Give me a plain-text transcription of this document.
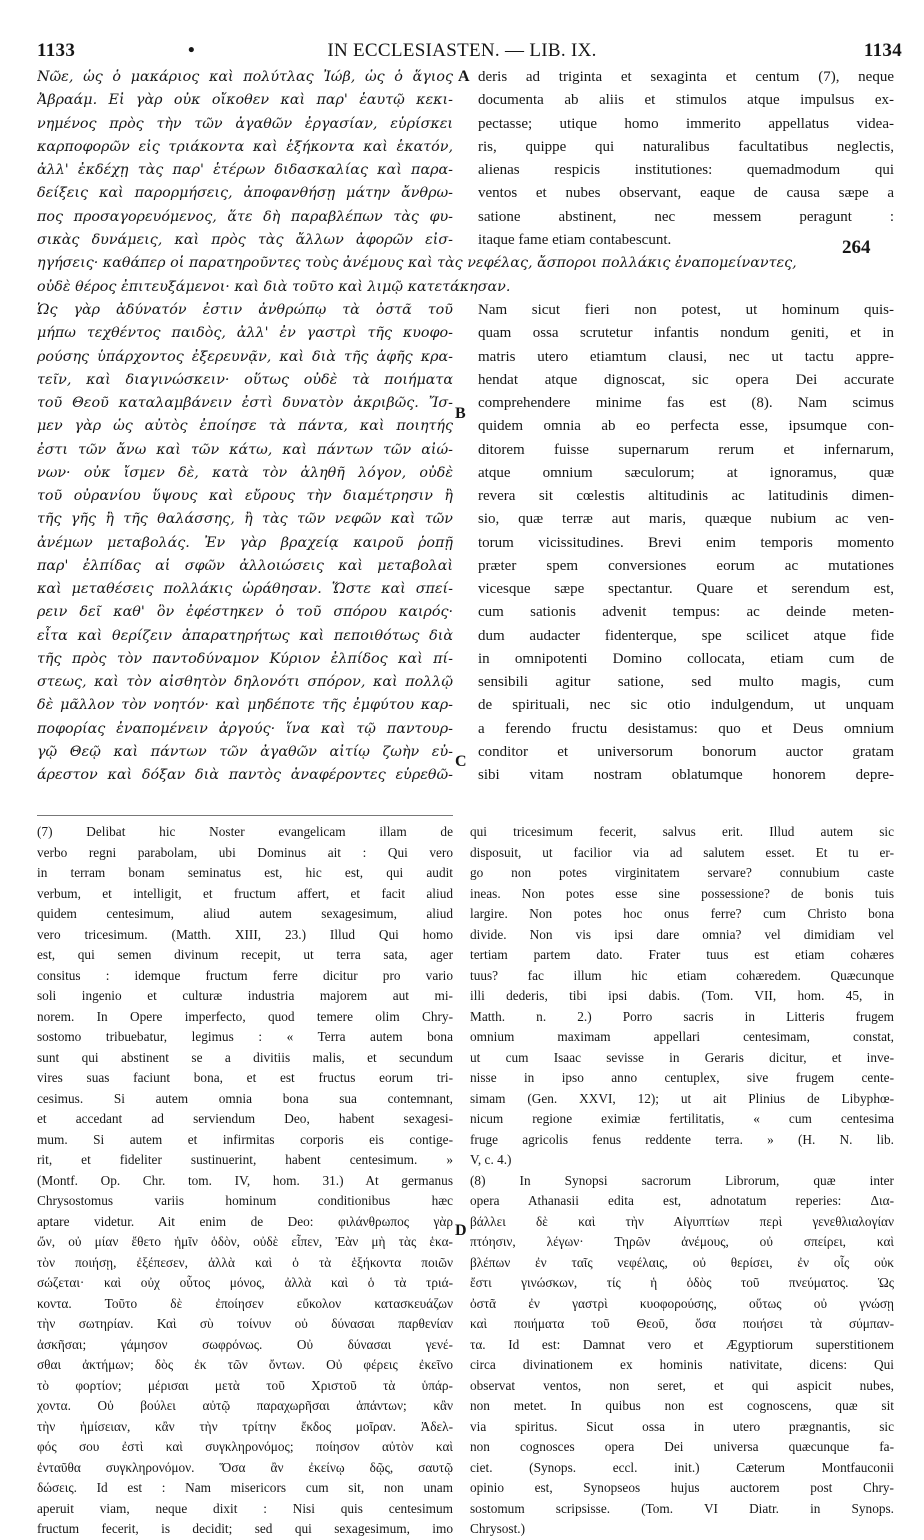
1133	•	IN ECCLESIASTEN. — LIB. IX.	1134
Νῶε, ὡς ὁ μακάριος καὶ πολύτλας Ἰώβ, ὡς ὁ ἅγιος
Ἀβραάμ. Εἰ γὰρ οὐκ οἴκοθεν καὶ παρ' ἑαυτῷ κεκι-
νημένος πρὸς τὴν τῶν ἀγαθῶν ἐργασίαν, εὑρίσκει
καρποφορῶν εἰς τριάκοντα καὶ ἑξήκοντα καὶ ἑκατόν,
ἀλλ' ἐκδέχῃ τὰς παρ' ἑτέρων διδασκαλίας καὶ παρα-
δείξεις καὶ παρορμήσεις, ἀποφανθήσῃ μάτην ἄνθρω-
πος προσαγορευόμενος, ἅτε δὴ παραβλέπων τὰς φυ-
σικὰς δυνάμεις, καὶ πρὸς τὰς ἄλλων ἀφορῶν εἰσ-
deris ad triginta et sexaginta et centum (7), neque
documenta ab aliis et stimulos atque impulsus ex-
pectasse; utique homo immerito appellatus videa-
ris, quippe qui naturalibus facultatibus neglectis,
alienas respicis institutiones: quemadmodum qui
ventos et nubes observant, eaque de causa sæpe a
satione abstinent, nec messem peragunt :
itaque fame etiam contabescunt.	264
ηγήσεις· καθάπερ οἱ παρατηροῦντες τοὺς ἀνέμους καὶ τὰς νεφέλας, ἄσποροι πολλάκις ἐναπομείναντες,
οὐδὲ θέρος ἐπιτευξάμενοι· καὶ διὰ τοῦτο καὶ λιμῷ κατετάκησαν.
Ὡς γὰρ ἀδύνατόν ἐστιν ἀνθρώπῳ τὰ ὀστᾶ τοῦ
μήπω τεχθέντος παιδὸς, ἀλλ' ἐν γαστρὶ τῆς κυοφο-
ρούσης ὑπάρχοντος ἐξερευνᾷν, καὶ διὰ τῆς ἁφῆς κρα-
τεῖν, καὶ διαγινώσκειν· οὕτως οὐδὲ τὰ ποιήματα
τοῦ Θεοῦ καταλαμβάνειν ἐστὶ δυνατὸν ἀκριβῶς. Ἴσ-
μεν γὰρ ὡς αὐτὸς ἐποίησε τὰ πάντα, καὶ ποιητής
ἐστι τῶν ἄνω καὶ τῶν κάτω, καὶ πάντων τῶν αἰώ-
νων· οὐκ ἴσμεν δὲ, κατὰ τὸν ἀληθῆ λόγον, οὐδὲ
τοῦ οὐρανίου ὕψους καὶ εὔρους τὴν διαμέτρησιν ἢ
τῆς γῆς ἢ τῆς θαλάσσης, ἢ τὰς τῶν νεφῶν καὶ τῶν
ἀνέμων μεταβολάς. Ἐν γὰρ βραχείᾳ καιροῦ ῥοπῇ
παρ' ἐλπίδας αἱ σφῶν ἀλλοιώσεις καὶ μεταβολαὶ
καὶ μεταθέσεις πολλάκις ὡράθησαν. Ὥστε καὶ σπεί-
ρειν δεῖ καθ' ὃν ἐφέστηκεν ὁ τοῦ σπόρου καιρός·
εἶτα καὶ θερίζειν ἀπαρατηρήτως καὶ πεποιθότως διὰ
τῆς πρὸς τὸν παντοδύναμον Κύριον ἐλπίδος καὶ πί-
στεως, καὶ τὸν αἰσθητὸν δηλονότι σπόρον, καὶ πολλῷ
δὲ μᾶλλον τὸν νοητόν· καὶ μηδέποτε τῆς ἐμφύτου καρ-
ποφορίας ἐναπομένειν ἀργούς· ἵνα καὶ τῷ παντουρ-
γῷ Θεῷ καὶ πάντων τῶν ἀγαθῶν αἰτίῳ ζωὴν εὐ-
άρεστον καὶ δόξαν διὰ παντὸς ἀναφέροντες εὑρεθῶ-
Nam sicut fieri non potest, ut hominum quis-
quam ossa scrutetur infantis nondum geniti, et in
matris utero etiamtum clausi, nec ut tactu appre-
hendat atque dignoscat, sic opera Dei accurate
comprehendere minime fas est (8). Nam scimus
quidem omnia ab eo perfecta esse, ipsumque con-
ditorem fuisse supernarum rerum et infernarum,
atque omnium sæculorum; at ignoramus, quæ
revera sit cœlestis altitudinis ac latitudinis dimen-
sio, quæ terræ aut maris, quæque nubium ac ven-
torum vicissitudines. Brevi enim temporis momento
præter spem conversiones eorum ac mutationes
vicesque sæpe spectantur. Quare et serendum est,
cum sationis advenit tempus: ac deinde meten-
dum audacter fidenterque, spe scilicet atque fide
in omnipotenti Domino collocata, etiam cum de
sensibili agitur satione, sed multo magis, cum
de spirituali, nec sic otio indulgendum, ut unquam
a ferendo fructu desistamus: quo et Deus omnium
conditor et universorum bonorum auctor gratam
sibi vitam nostram oblatumque honorem depre-
A
B
C
D
(7) Delibat hic Noster evangelicam illam de
verbo regni parabolam, ubi Dominus ait : Qui vero
in terram bonam seminatus est, hic est, qui audit
verbum, et intelligit, et fructum affert, et facit aliud
quidem centesimum, aliud autem sexagesimum, aliud
vero tricesimum. (Matth. XIII, 23.) Illud Qui homo
est, qui semen divinum recepit, ut terra sata, ager
consitus : idemque fructum ferre dicitur pro vario
soli ingenio et culturæ industria majorem aut mi-
norem. In Opere imperfecto, quod temere olim Chry-
sostomo tribuebatur, legimus : « Terra autem bona
sunt qui abstinent se a divitiis malis, et secundum
vires suas faciunt bona, et est fructus eorum tri-
cesimus. Si autem omnia bona sua contemnant,
et accedant ad serviendum Deo, habent sexagesi-
mum. Si autem et infirmitas corporis eis contige-
rit, et fideliter sustinuerint, habent centesimum. »
(Montf. Op. Chr. tom. IV, hom. 31.) At germanus
Chrysostomus variis hominum conditionibus hæc
aptare videtur. Ait enim de Deo: φιλάνθρωπος γὰρ
ὤν, οὐ μίαν ἔθετο ἡμῖν ὁδὸν, οὐδὲ εἶπεν, Ἐὰν μὴ τὰς ἑκα-
τὸν ποιήσῃ, ἐξέπεσεν, ἀλλὰ καὶ ὁ τὰ ἑξήκοντα ποιῶν
σώζεται· καὶ οὐχ οὗτος μόνος, ἀλλὰ καὶ ὁ τὰ τριά-
κοντα. Τοῦτο δὲ ἐποίησεν εὔκολον κατασκευάζων
τὴν σωτηρίαν. Καὶ σὺ τοίνυν οὐ δύνασαι παρθενίαν
ἀσκῆσαι; γάμησον σωφρόνως. Οὐ δύνασαι γενέ-
σθαι ἀκτήμων; δὸς ἐκ τῶν ὄντων. Οὐ φέρεις ἐκεῖνο
τὸ φορτίον; μέρισαι μετὰ τοῦ Χριστοῦ τὰ ὑπάρ-
χοντα. Οὐ βούλει αὐτῷ παραχωρῆσαι ἁπάντων; κἂν
τὴν ἡμίσειαν, κἂν τὴν τρίτην ἔκδος μοῖραν. Ἀδελ-
φός σου ἐστὶ καὶ συγκληρονόμος; ποίησον αὐτὸν καὶ
ἐνταῦθα συγκληρονόμον. Ὅσα ἂν ἐκείνῳ δῷς, σαυτῷ
δώσεις. Id est : Nam misericors cum sit, non unam
aperuit viam, neque dixit : Nisi quis centesimum
fructum fecerit, is decidit; sed qui sexagesimum, imo
qui tricesimum fecerit, salvus erit. Illud autem sic
disposuit, ut facilior via ad salutem esset. Et tu er-
go non potes virginitatem servare? connubium caste
ineas. Non potes esse sine possessione? de bonis tuis
largire. Non potes hoc onus ferre? cum Christo bona
divide. Non vis ipsi dare omnia? vel dimidiam vel
tertiam partem dato. Frater tuus est etiam cohæres
tuus? fac illum hic etiam cohæredem. Quæcunque
illi dederis, tibi ipsi dabis. (Tom. VII, hom. 45, in
Matth. n. 2.) Porro sacris in Litteris frugem
omnium maximam appellari centesimam, constat,
ut cum Isaac sevisse in Geraris dicitur, et inve-
nisse in ipso anno centuplex, sive frugem cente-
simam (Gen. XXVI, 12); ut ait Plinius de Libyphœ-
nicum regione eximiæ fertilitatis, « cum centesima
fruge agricolis fenus reddente terra. » (H. N. lib.
V, c. 4.)
(8) In Synopsi sacrorum Librorum, quæ inter
opera Athanasii edita est, adnotatum reperies: Δια-
βάλλει δὲ καὶ τὴν Αἰγυπτίων περὶ γενεθλιαλογίαν
πτόησιν, λέγων· Τηρῶν ἀνέμους, οὐ σπείρει, καὶ
βλέπων ἐν ταῖς νεφέλαις, οὐ θερίσει, ἐν οἷς οὐκ
ἔστι γινώσκων, τίς ἡ ὁδὸς τοῦ πνεύματος. Ὡς
ὀστᾶ ἐν γαστρὶ κυοφορούσης, οὕτως οὐ γνώσῃ
καὶ ποιήματα τοῦ Θεοῦ, ὅσα ποιήσει τὰ σύμπαν-
τα. Id est: Damnat vero et Ægyptiorum superstitionem
circa divinationem ex hominis nativitate, dicens: Qui
observat ventos, non seret, et qui aspicit nubes,
non metet. In quibus non est cognoscens, quæ sit
via spiritus. Sicut ossa in utero prægnantis, sic
non cognosces opera Dei universa quæcunque fa-
ciet. (Synops. eccl. init.) Cæterum Montfauconii
opinio est, Synopseos hujus auctorem post Chry-
sostomum scripsisse. (Tom. VI Diatr. in Synops.
Chrysost.)
